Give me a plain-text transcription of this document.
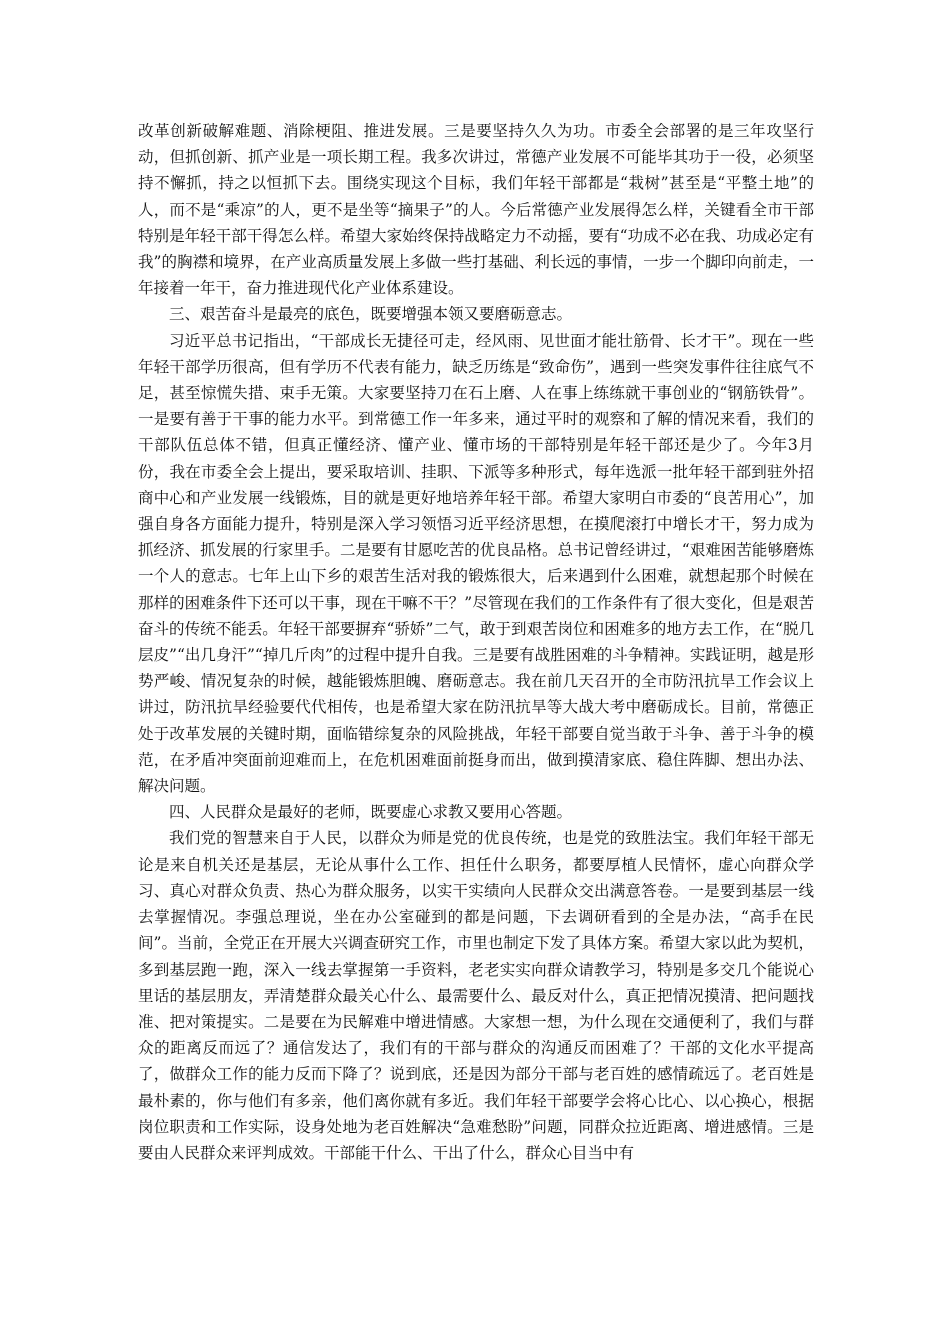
改革创新破解难题、消除梗阻、推进发展。三是要坚持久久为功。市委全会部署的是三年攻坚行动，但抓创新、抓产业是一项长期工程。我多次讲过，常德产业发展不可能毕其功于一役，必须坚持不懈抓，持之以恒抓下去。围绕实现这个目标，我们年轻干部都是“栽树”甚至是“平整土地”的人，而不是“乘凉”的人，更不是坐等“摘果子”的人。今后常德产业发展得怎么样，关键看全市干部特别是年轻干部干得怎么样。希望大家始终保持战略定力不动摇，要有“功成不必在我、功成必定有我”的胸襟和境界，在产业高质量发展上多做一些打基础、利长远的事情，一步一个脚印向前走，一年接着一年干，奋力推进现代化产业体系建设。

三、艰苦奋斗是最亮的底色，既要增强本领又要磨砺意志。

习近平总书记指出，“干部成长无捷径可走，经风雨、见世面才能壮筋骨、长才干”。现在一些年轻干部学历很高，但有学历不代表有能力，缺乏历练是“致命伤”，遇到一些突发事件往往底气不足，甚至惊慌失措、束手无策。大家要坚持刀在石上磨、人在事上练练就干事创业的“钢筋铁骨”。一是要有善于干事的能力水平。到常德工作一年多来，通过平时的观察和了解的情况来看，我们的干部队伍总体不错，但真正懂经济、懂产业、懂市场的干部特别是年轻干部还是少了。今年3月份，我在市委全会上提出，要采取培训、挂职、下派等多种形式，每年选派一批年轻干部到驻外招商中心和产业发展一线锻炼，目的就是更好地培养年轻干部。希望大家明白市委的“良苦用心”，加强自身各方面能力提升，特别是深入学习领悟习近平经济思想，在摸爬滚打中增长才干，努力成为抓经济、抓发展的行家里手。二是要有甘愿吃苦的优良品格。总书记曾经讲过，“艰难困苦能够磨炼一个人的意志。七年上山下乡的艰苦生活对我的锻炼很大，后来遇到什么困难，就想起那个时候在那样的困难条件下还可以干事，现在干嘛不干？”尽管现在我们的工作条件有了很大变化，但是艰苦奋斗的传统不能丢。年轻干部要摒弃“骄娇”二气，敢于到艰苦岗位和困难多的地方去工作，在“脱几层皮”“出几身汗”“掉几斤肉”的过程中提升自我。三是要有战胜困难的斗争精神。实践证明，越是形势严峻、情况复杂的时候，越能锻炼胆魄、磨砺意志。我在前几天召开的全市防汛抗旱工作会议上讲过，防汛抗旱经验要代代相传，也是希望大家在防汛抗旱等大战大考中磨砺成长。目前，常德正处于改革发展的关键时期，面临错综复杂的风险挑战，年轻干部要自觉当敢于斗争、善于斗争的模范，在矛盾冲突面前迎难而上，在危机困难面前挺身而出，做到摸清家底、稳住阵脚、想出办法、解决问题。

四、人民群众是最好的老师，既要虚心求教又要用心答题。

我们党的智慧来自于人民，以群众为师是党的优良传统，也是党的致胜法宝。我们年轻干部无论是来自机关还是基层，无论从事什么工作、担任什么职务，都要厚植人民情怀，虚心向群众学习、真心对群众负责、热心为群众服务，以实干实绩向人民群众交出满意答卷。一是要到基层一线去掌握情况。李强总理说，坐在办公室碰到的都是问题，下去调研看到的全是办法，“高手在民间”。当前，全党正在开展大兴调查研究工作，市里也制定下发了具体方案。希望大家以此为契机，多到基层跑一跑，深入一线去掌握第一手资料，老老实实向群众请教学习，特别是多交几个能说心里话的基层朋友，弄清楚群众最关心什么、最需要什么、最反对什么，真正把情况摸清、把问题找准、把对策提实。二是要在为民解难中增进情感。大家想一想，为什么现在交通便利了，我们与群众的距离反而远了？通信发达了，我们有的干部与群众的沟通反而困难了？干部的文化水平提高了，做群众工作的能力反而下降了？说到底，还是因为部分干部与老百姓的感情疏远了。老百姓是最朴素的，你与他们有多亲，他们离你就有多近。我们年轻干部要学会将心比心、以心换心，根据岗位职责和工作实际，设身处地为老百姓解决“急难愁盼”问题，同群众拉近距离、增进感情。三是要由人民群众来评判成效。干部能干什么、干出了什么，群众心目当中有
